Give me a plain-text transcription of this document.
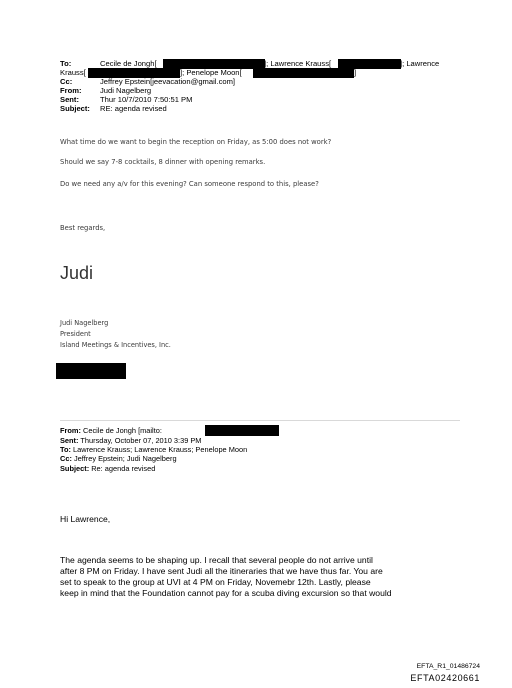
To:	Cecile de Jongh[	]; Lawrence Krauss[	]; Lawrence
Krauss[	]; Penelope Moon[	]
Cc:	Jeffrey Epstein[jeevacation@gmail.com]
From: Judi Nagelberg
Sent:	Thur 10/7/2010 7:50:51 PM
Subject: RE: agenda revised
What time do we want to begin the reception on Friday, as 5:00 does not work?
Should we say 7-8 cocktails, 8 dinner with opening remarks.
Do we need any a/v for this evening? Can someone respond to this, please?
Best regards,
Judi
Judi Nagelberg
President
Island Meetings & Incentives, Inc.
From: Cecile de Jongh [mailto:
Sent: Thursday, October 07, 2010 3:39 PM
To: Lawrence Krauss; Lawrence Krauss; Penelope Moon
Cc: Jeffrey Epstein; Judi Nagelberg
Subject: Re: agenda revised
Hi Lawrence,
The agenda seems to be shaping up. I recall that several people do not arrive until
after 8 PM on Friday. I have sent Judi all the itineraries that we have thus far. You are
set to speak to the group at UVI at 4 PM on Friday, Novemebr 12th. Lastly, please
keep in mind that the Foundation cannot pay for a scuba diving excursion so that would
EFTA_R1_01486724
EFTA02420661
